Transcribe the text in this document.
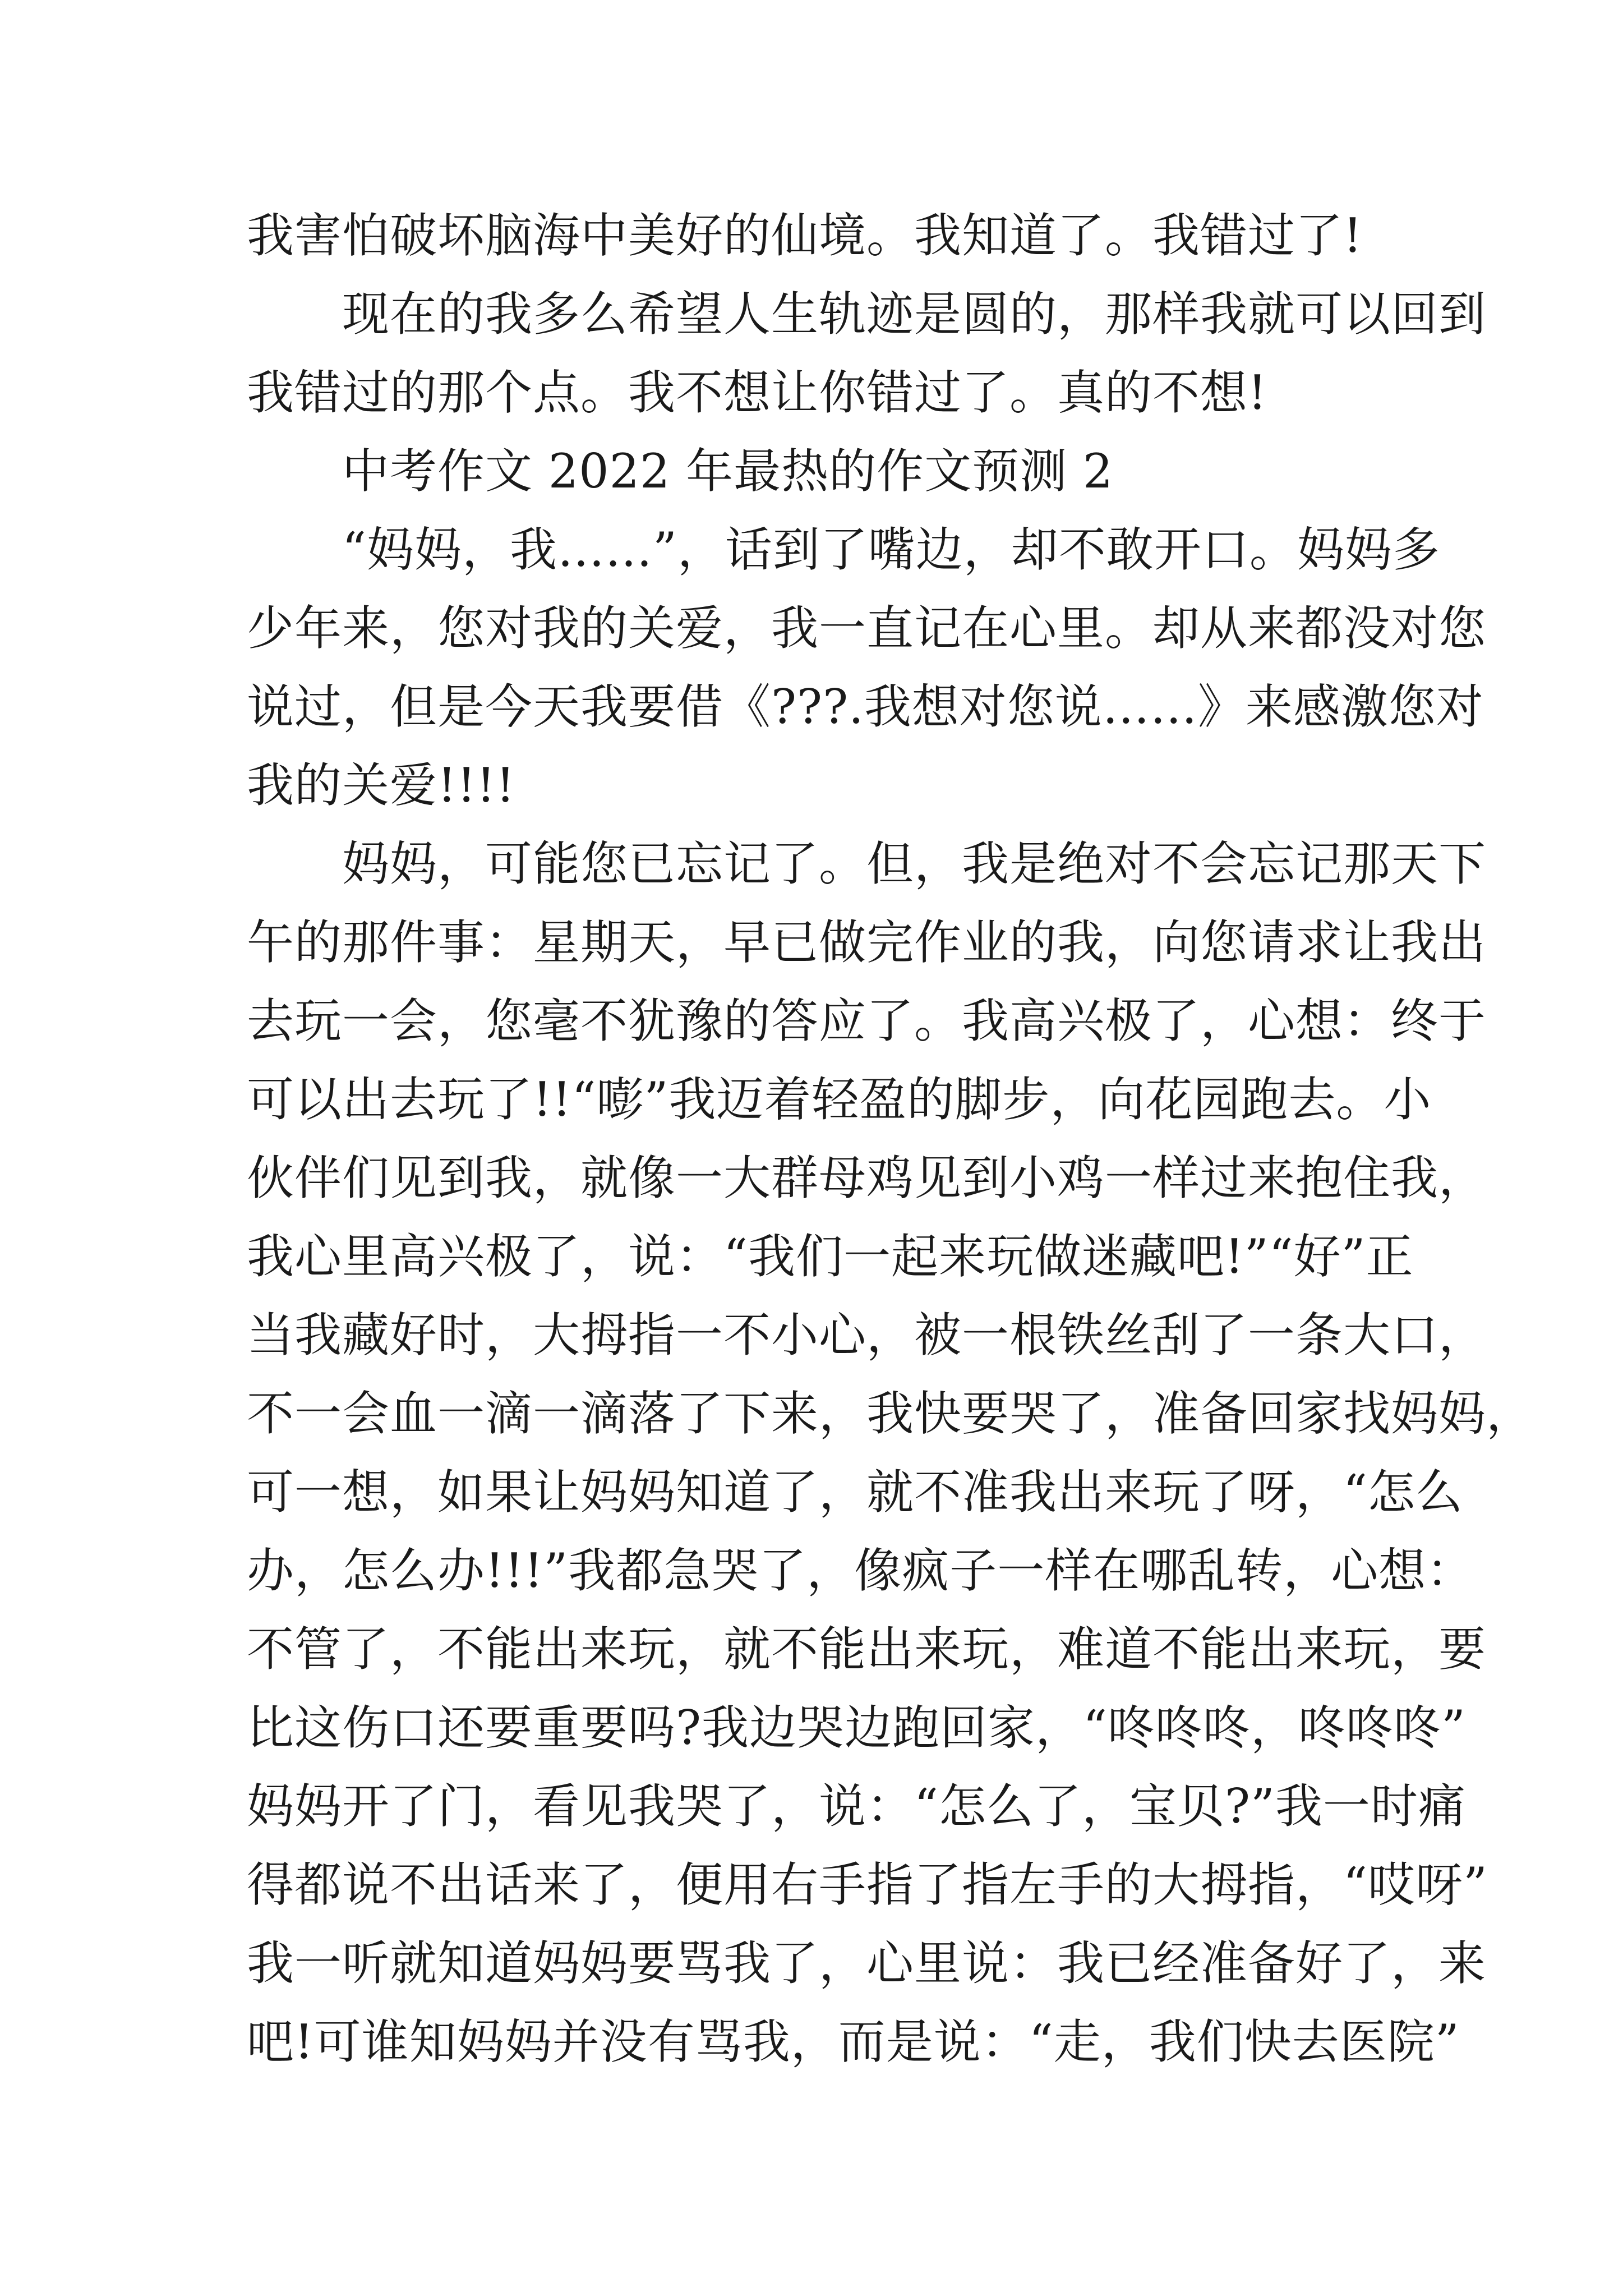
我害怕破坏脑海中美好的仙境。我知道了。我错过了!

现在的我多么希望人生轨迹是圆的，那样我就可以回到

我错过的那个点。我不想让你错过了。真的不想!

中考作文 2022 年最热的作文预测 2

“妈妈，我……”，话到了嘴边，却不敢开口。妈妈多

少年来，您对我的关爱，我一直记在心里。却从来都没对您

说过，但是今天我要借《???.我想对您说……》来感激您对

我的关爱!!!!

妈妈，可能您已忘记了。但，我是绝对不会忘记那天下

午的那件事：星期天，早已做完作业的我，向您请求让我出

去玩一会，您毫不犹豫的答应了。我高兴极了，心想：终于

可以出去玩了!!“嘭”我迈着轻盈的脚步，向花园跑去。小

伙伴们见到我，就像一大群母鸡见到小鸡一样过来抱住我，

我心里高兴极了，说：“我们一起来玩做迷藏吧!”“好”正

当我藏好时，大拇指一不小心，被一根铁丝刮了一条大口，

不一会血一滴一滴落了下来，我快要哭了，准备回家找妈妈，

可一想，如果让妈妈知道了，就不准我出来玩了呀，“怎么

办，怎么办!!!”我都急哭了，像疯子一样在哪乱转，心想：

不管了，不能出来玩，就不能出来玩，难道不能出来玩，要

比这伤口还要重要吗?我边哭边跑回家，“咚咚咚，咚咚咚”

妈妈开了门，看见我哭了，说：“怎么了，宝贝?”我一时痛

得都说不出话来了，便用右手指了指左手的大拇指，“哎呀”

我一听就知道妈妈要骂我了，心里说：我已经准备好了，来

吧!可谁知妈妈并没有骂我，而是说：“走，我们快去医院”
